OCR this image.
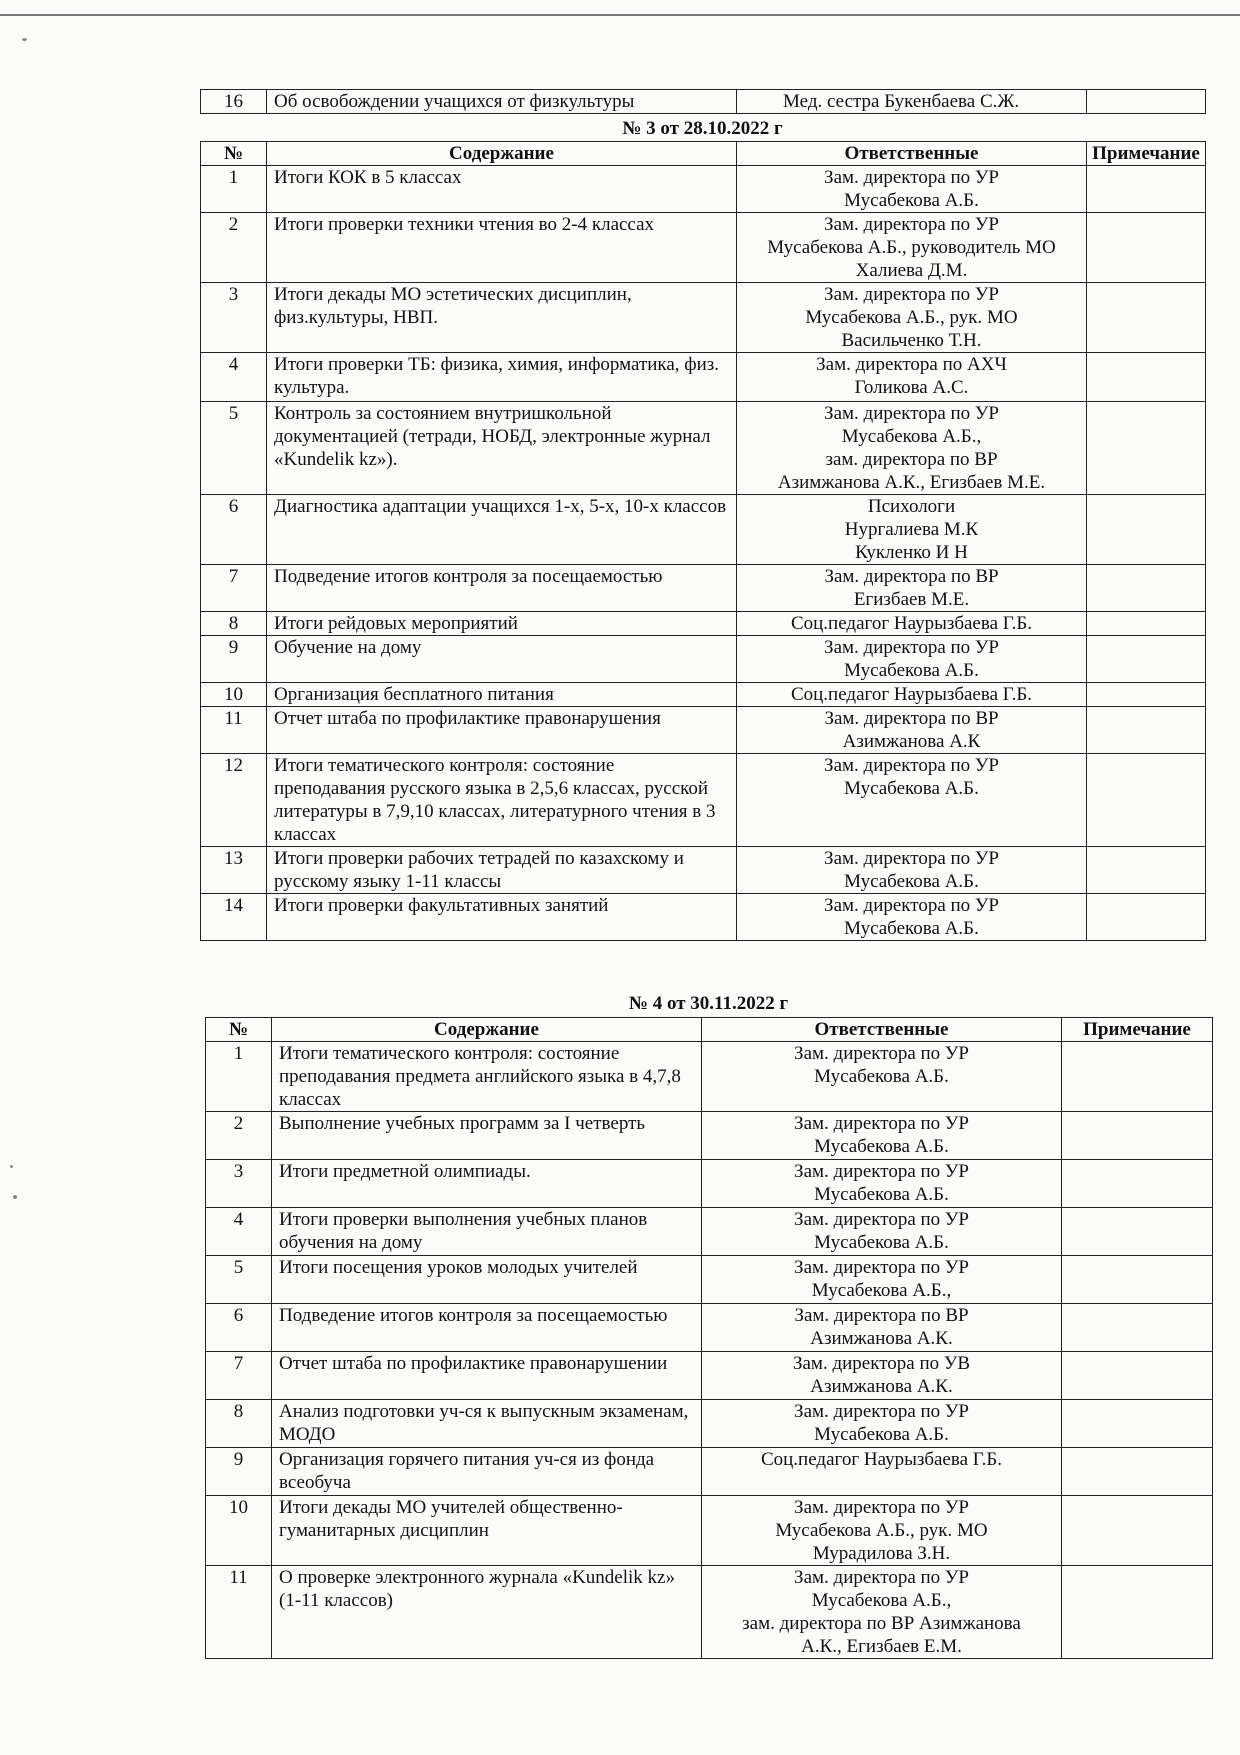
16	Об освобождении учащихся от физкультуры	Мед. сестра Букенбаева С.Ж.	
№ 3 от 28.10.2022 г
№	Содержание	Ответственные	Примечание
1	Итоги КОК в 5 классах	Зам. директора по УР
Мусабекова А.Б.	
2	Итоги проверки техники чтения во 2-4 классах	Зам. директора по УР
Мусабекова А.Б., руководитель МО
Халиева Д.М.	
3	Итоги декады МО эстетических дисциплин, физ.культуры, НВП.	Зам. директора по УР
Мусабекова А.Б., рук. МО
Васильченко Т.Н.	
4	Итоги проверки ТБ: физика, химия, информатика, физ. культура.	Зам. директора по АХЧ
Голикова А.С.	
5	Контроль за состоянием внутришкольной документацией (тетради, НОБД, электронные журнал «Kundelik kz»).	Зам. директора по УР
Мусабекова А.Б.,
зам. директора по ВР
Азимжанова А.К., Егизбаев М.Е.	
6	Диагностика адаптации учащихся 1-х, 5-х, 10-х классов	Психологи
Нургалиева М.К
Кукленко И Н	
7	Подведение итогов контроля за посещаемостью	Зам. директора по ВР
Егизбаев М.Е.	
8	Итоги рейдовых мероприятий	Соц.педагог Наурызбаева Г.Б.	
9	Обучение на дому	Зам. директора по УР
Мусабекова А.Б.	
10	Организация бесплатного питания	Соц.педагог Наурызбаева Г.Б.	
11	Отчет штаба по профилактике правонарушения	Зам. директора по ВР
Азимжанова А.К	
12	Итоги тематического контроля: состояние преподавания русского языка в 2,5,6 классах, русской литературы в 7,9,10 классах, литературного чтения в 3 классах	Зам. директора по УР
Мусабекова А.Б.	
13	Итоги проверки рабочих тетрадей по казахскому и русскому языку 1-11 классы	Зам. директора по УР
Мусабекова А.Б.	
14	Итоги проверки факультативных занятий	Зам. директора по УР
Мусабекова А.Б.	
№ 4 от 30.11.2022 г
№	Содержание	Ответственные	Примечание
1	Итоги тематического контроля: состояние преподавания предмета английского языка в 4,7,8 классах	Зам. директора по УР
Мусабекова А.Б.	
2	Выполнение учебных программ за I четверть	Зам. директора по УР
Мусабекова А.Б.	
3	Итоги предметной олимпиады.	Зам. директора по УР
Мусабекова А.Б.	
4	Итоги проверки выполнения учебных планов обучения на дому	Зам. директора по УР
Мусабекова А.Б.	
5	Итоги посещения уроков молодых учителей	Зам. директора по УР
Мусабекова А.Б.,	
6	Подведение итогов контроля за посещаемостью	Зам. директора по ВР
Азимжанова А.К.	
7	Отчет штаба по профилактике правонарушении	Зам. директора по УВ
Азимжанова А.К.	
8	Анализ подготовки уч-ся к выпускным экзаменам, МОДО	Зам. директора по УР
Мусабекова А.Б.	
9	Организация горячего питания уч-ся из фонда всеобуча	Соц.педагог Наурызбаева Г.Б.	
10	Итоги декады МО учителей общественно-гуманитарных дисциплин	Зам. директора по УР
Мусабекова А.Б., рук. МО
Мурадилова З.Н.	
11	О проверке электронного журнала «Kundelik kz» (1-11 классов)	Зам. директора по УР
Мусабекова А.Б.,
зам. директора по ВР Азимжанова
А.К., Егизбаев Е.М.	
